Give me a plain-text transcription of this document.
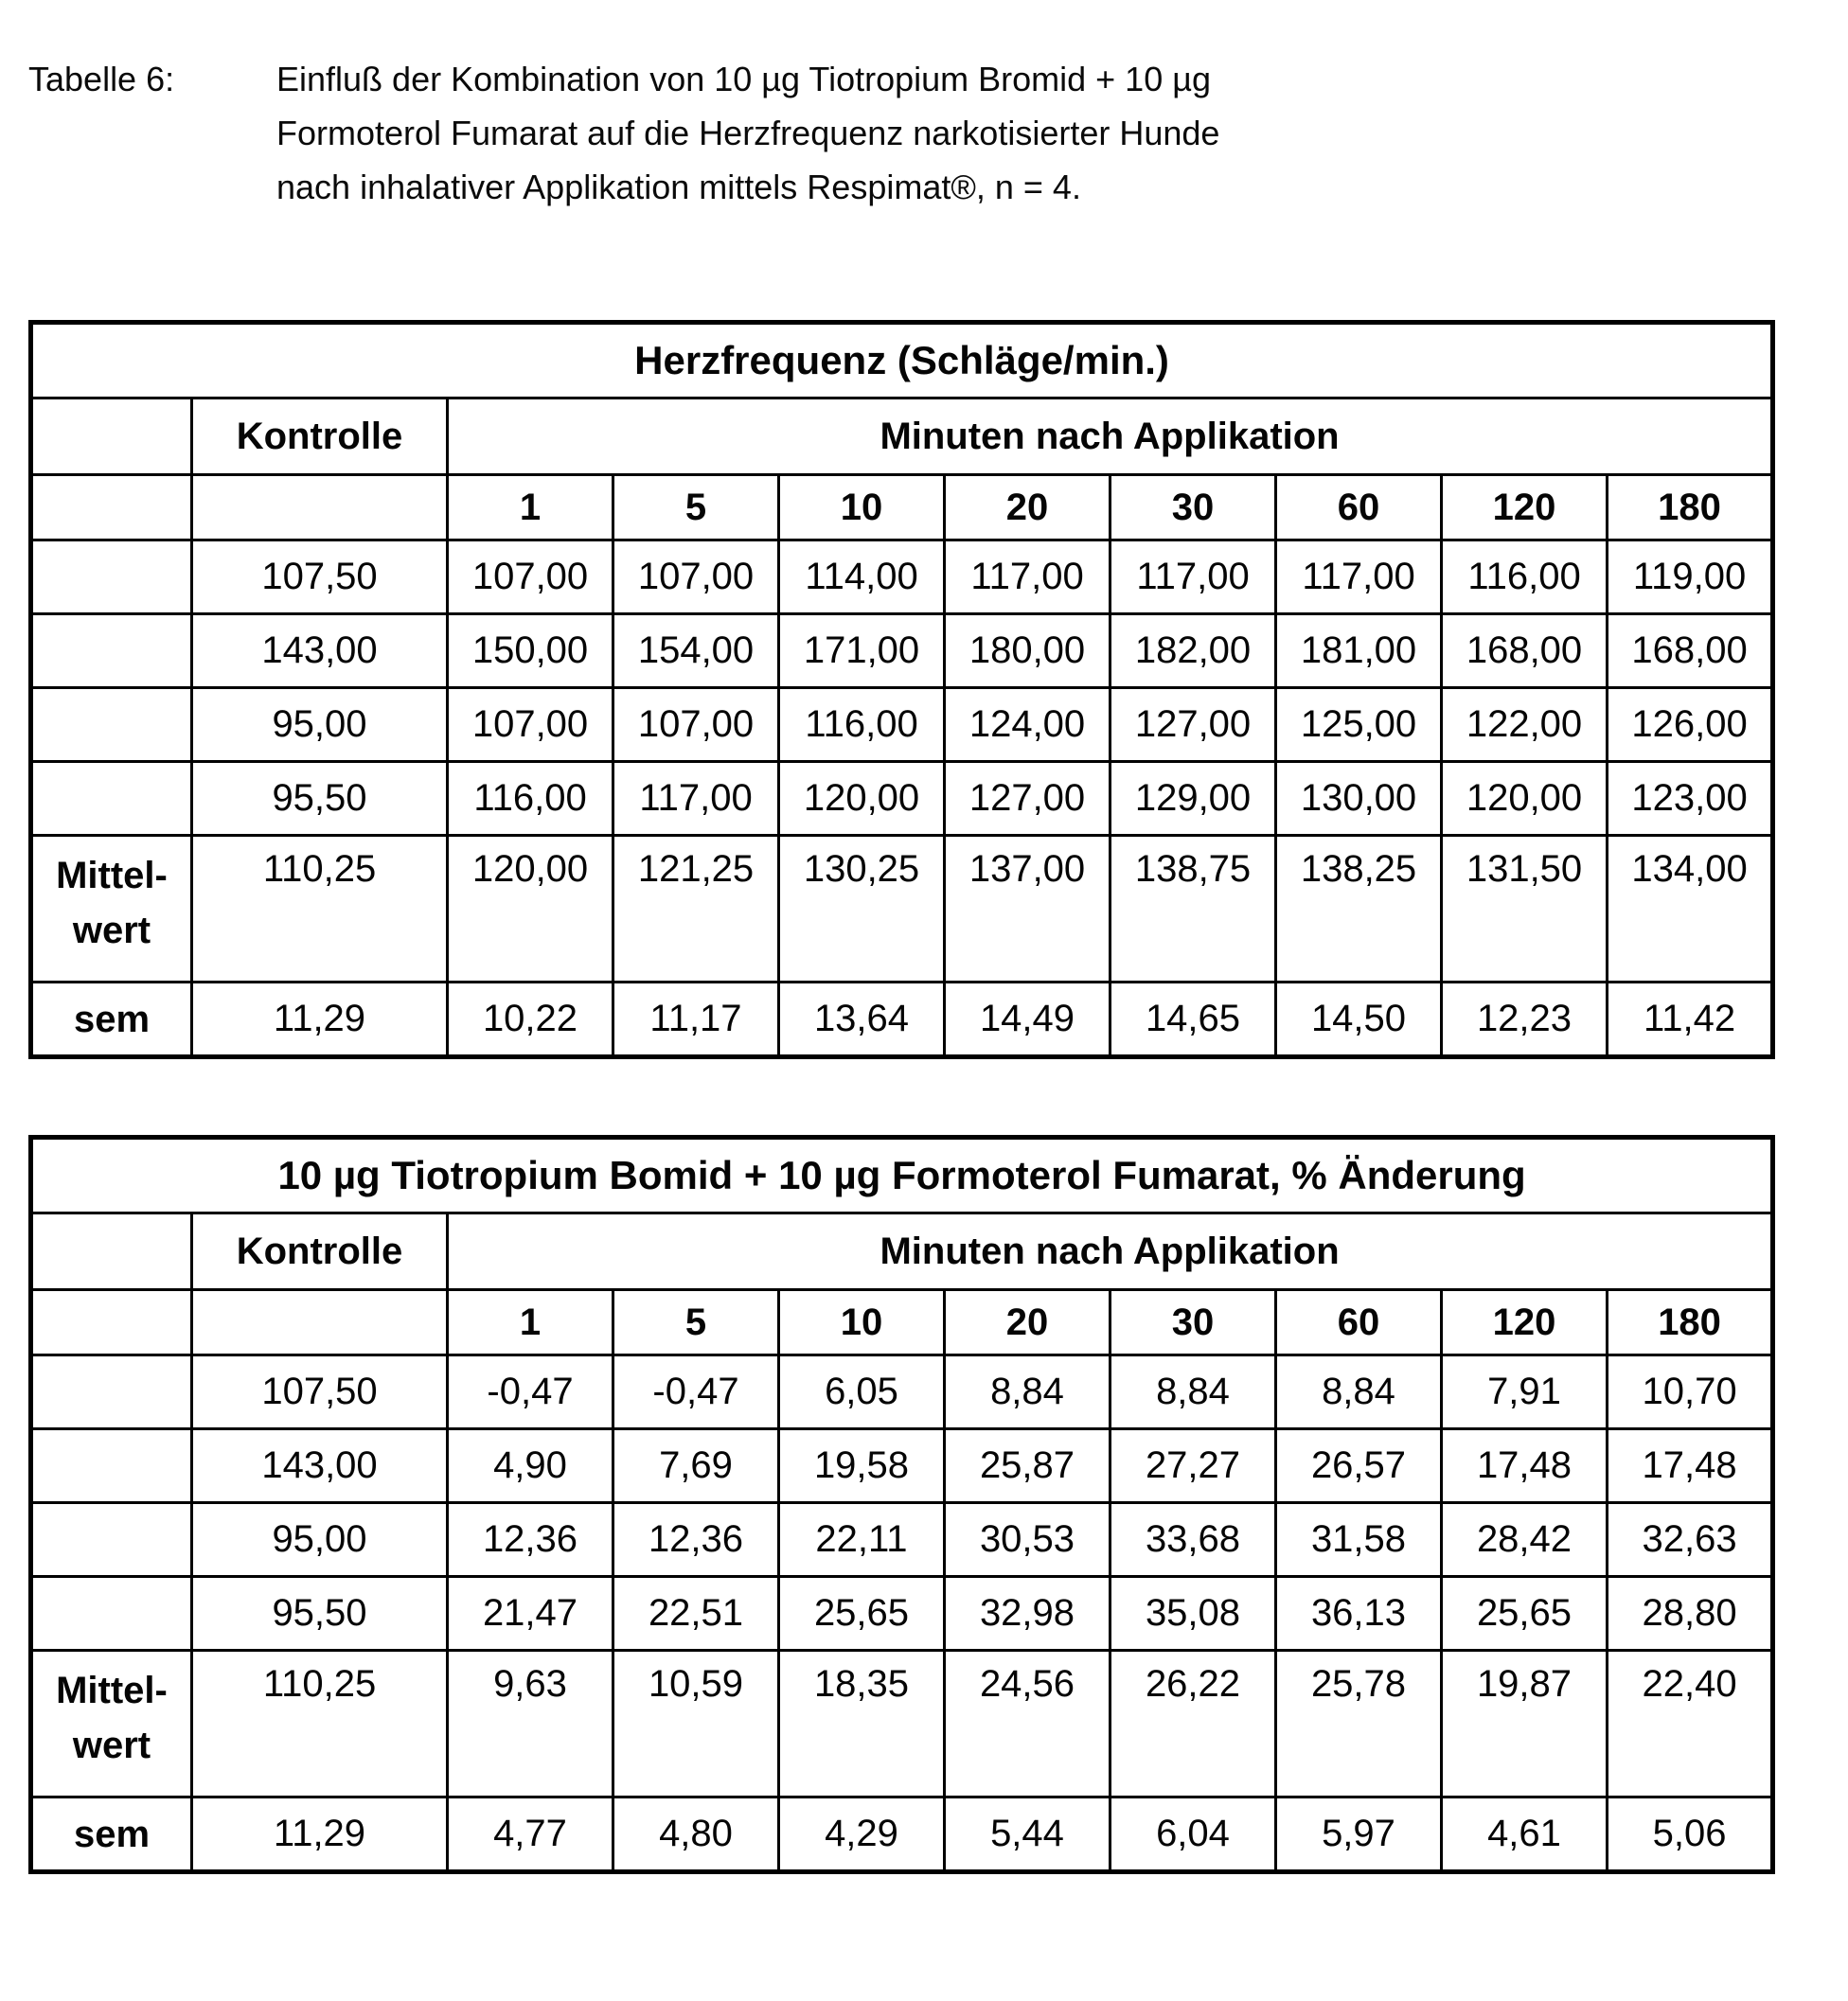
Tabelle 6:	Einfluß der Kombination von 10 µg Tiotropium Bromid + 10 µg
Formoterol Fumarat auf die Herzfrequenz narkotisierter Hunde
nach inhalativer Applikation mittels Respimat®, n = 4.
Herzfrequenz (Schläge/min.)									
	Kontrolle	Minuten nach Applikation							
		1	5	10	20	30	60	120	180
	107,50	107,00	107,00	114,00	117,00	117,00	117,00	116,00	119,00
	143,00	150,00	154,00	171,00	180,00	182,00	181,00	168,00	168,00
	95,00	107,00	107,00	116,00	124,00	127,00	125,00	122,00	126,00
	95,50	116,00	117,00	120,00	127,00	129,00	130,00	120,00	123,00
Mittel-
wert	110,25	120,00	121,25	130,25	137,00	138,75	138,25	131,50	134,00
sem	11,29	10,22	11,17	13,64	14,49	14,65	14,50	12,23	11,42
10 µg Tiotropium Bomid + 10 µg Formoterol Fumarat, % Änderung									
	Kontrolle	Minuten nach Applikation							
		1	5	10	20	30	60	120	180
	107,50	-0,47	-0,47	6,05	8,84	8,84	8,84	7,91	10,70
	143,00	4,90	7,69	19,58	25,87	27,27	26,57	17,48	17,48
	95,00	12,36	12,36	22,11	30,53	33,68	31,58	28,42	32,63
	95,50	21,47	22,51	25,65	32,98	35,08	36,13	25,65	28,80
Mittel-
wert	110,25	9,63	10,59	18,35	24,56	26,22	25,78	19,87	22,40
sem	11,29	4,77	4,80	4,29	5,44	6,04	5,97	4,61	5,06
